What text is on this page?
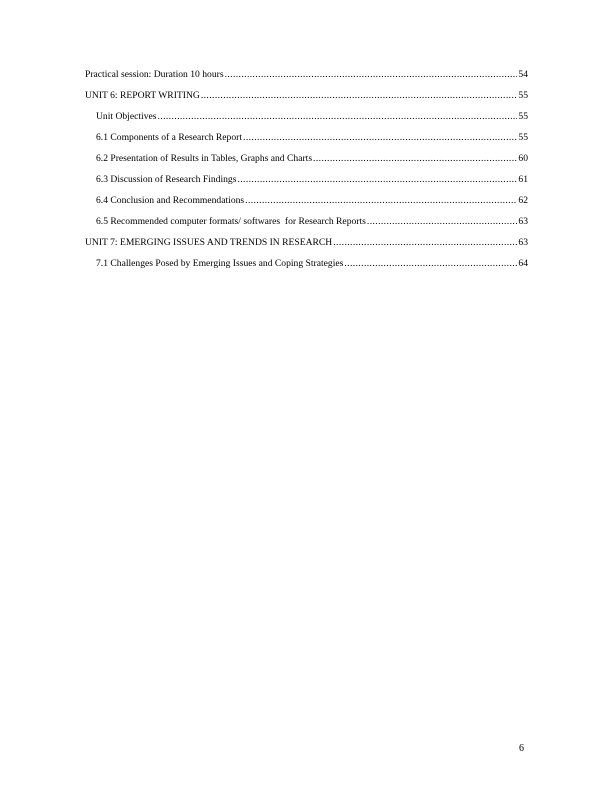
Practical session: Duration 10 hours .....	54
UNIT 6: REPORT WRITING .....	55
Unit Objectives .....	55
6.1 Components of a Research Report .....	55
6.2 Presentation of Results in Tables, Graphs and Charts .....	60
6.3 Discussion of Research Findings .....	61
6.4 Conclusion and Recommendations .....	62
6.5 Recommended computer formats/ softwares  for Research Reports .....	63
UNIT 7: EMERGING ISSUES AND TRENDS IN RESEARCH .....	63
7.1 Challenges Posed by Emerging Issues and Coping Strategies .....	64
6
